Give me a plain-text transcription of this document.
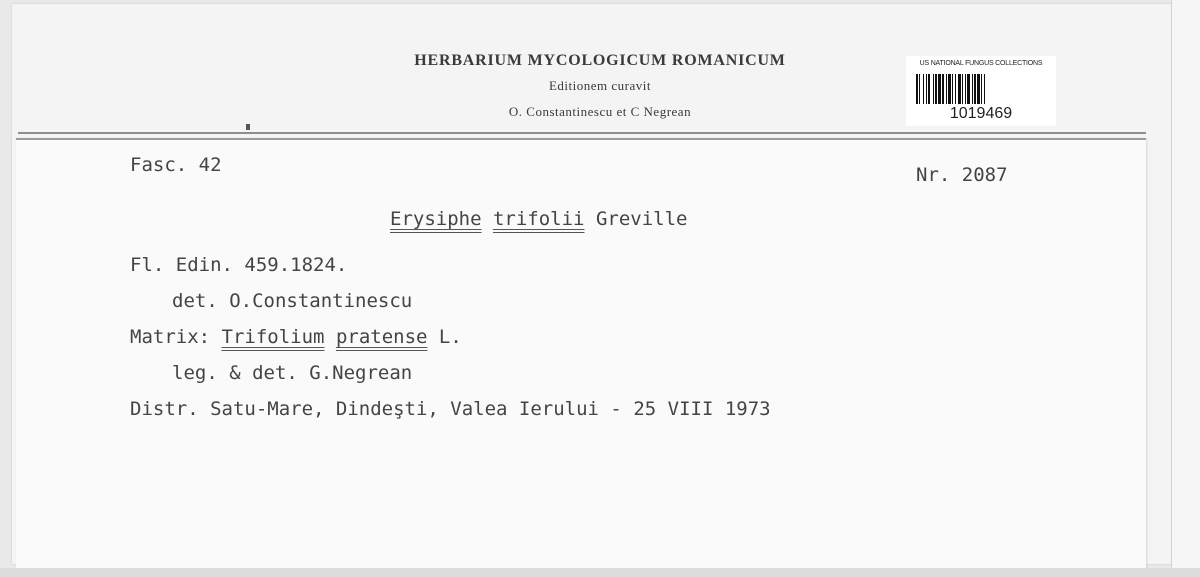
HERBARIUM MYCOLOGICUM ROMANICUM
Editionem curavit
O. Constantinescu et C Negrean
US NATIONAL FUNGUS COLLECTIONS
1019469
Fasc. 42	Nr. 2087
Erysiphe trifolii Greville
Fl. Edin. 459.1824.
det. O.Constantinescu
Matrix: Trifolium pratense L.
leg. & det. G.Negrean
Distr. Satu-Mare, Dindeşti, Valea Ierului - 25 VIII 1973
